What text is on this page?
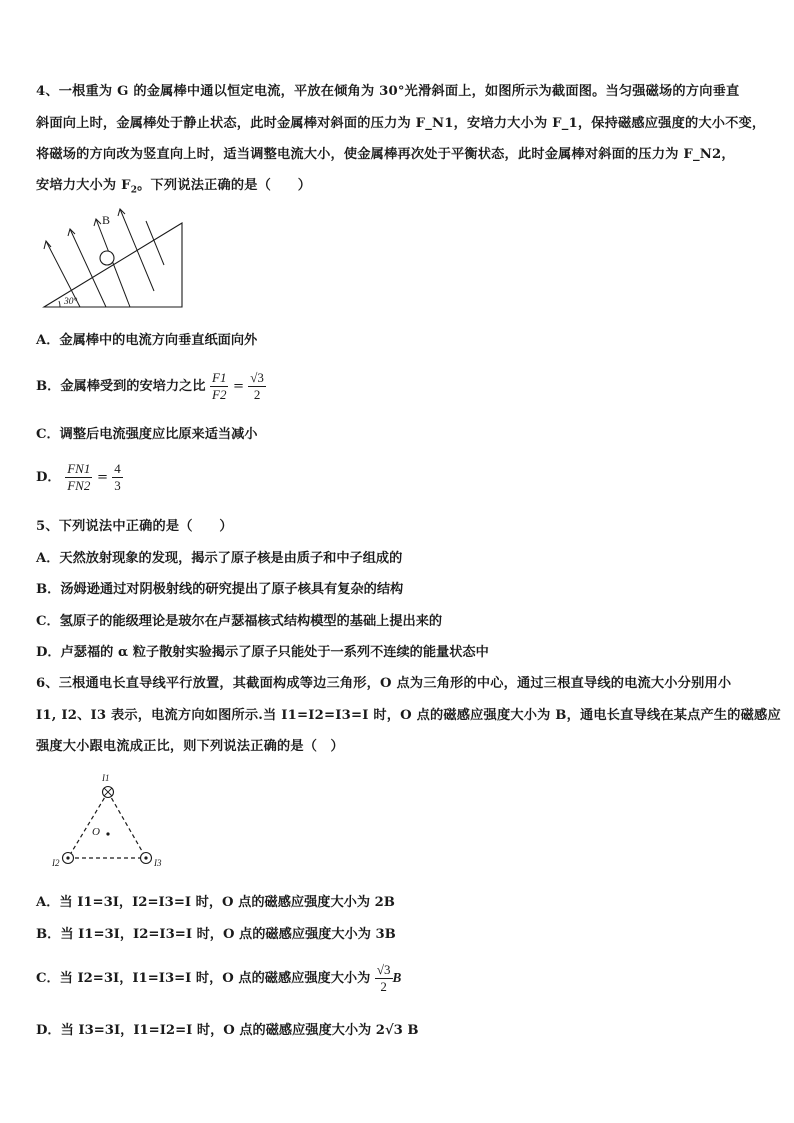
4、一根重为 G 的金属棒中通以恒定电流，平放在倾角为 30°光滑斜面上，如图所示为截面图。当匀强磁场的方向垂直
斜面向上时，金属棒处于静止状态，此时金属棒对斜面的压力为 F_N1，安培力大小为 F_1，保持磁感应强度的大小不变，
将磁场的方向改为竖直向上时，适当调整电流大小，使金属棒再次处于平衡状态，此时金属棒对斜面的压力为 F_N2，
安培力大小为 $F_2$。下列说法正确的是（　　）
B
30°
A．金属棒中的电流方向垂直纸面向外
B．金属棒受到的安培力之比 $\frac{F1}{F2} = \frac{√3}{2}$
C．调整后电流强度应比原来适当减小
D． $\frac{FN1}{FN2} = \frac{4}{3}$
5、下列说法中正确的是（　　）
A．天然放射现象的发现，揭示了原子核是由质子和中子组成的
B．汤姆逊通过对阴极射线的研究提出了原子核具有复杂的结构
C．氢原子的能级理论是玻尔在卢瑟福核式结构模型的基础上提出来的
D．卢瑟福的 α 粒子散射实验揭示了原子只能处于一系列不连续的能量状态中
6、三根通电长直导线平行放置，其截面构成等边三角形，O 点为三角形的中心，通过三根直导线的电流大小分别用小
I1, I2、I3 表示，电流方向如图所示.当 I1=I2=I3=I 时，O 点的磁感应强度大小为 B，通电长直导线在某点产生的磁感应
强度大小跟电流成正比，则下列说法正确的是（　）
O
I1
I2	I3
A．当 I1=3I，I2=I3=I 时，O 点的磁感应强度大小为 2B
B．当 I1=3I，I2=I3=I 时，O 点的磁感应强度大小为 3B
C．当 I2=3I，I1=I3=I 时，O 点的磁感应强度大小为 $\frac{√3}{2}$ B
D．当 I3=3I，I1=I2=I 时，O 点的磁感应强度大小为 2√3 B
